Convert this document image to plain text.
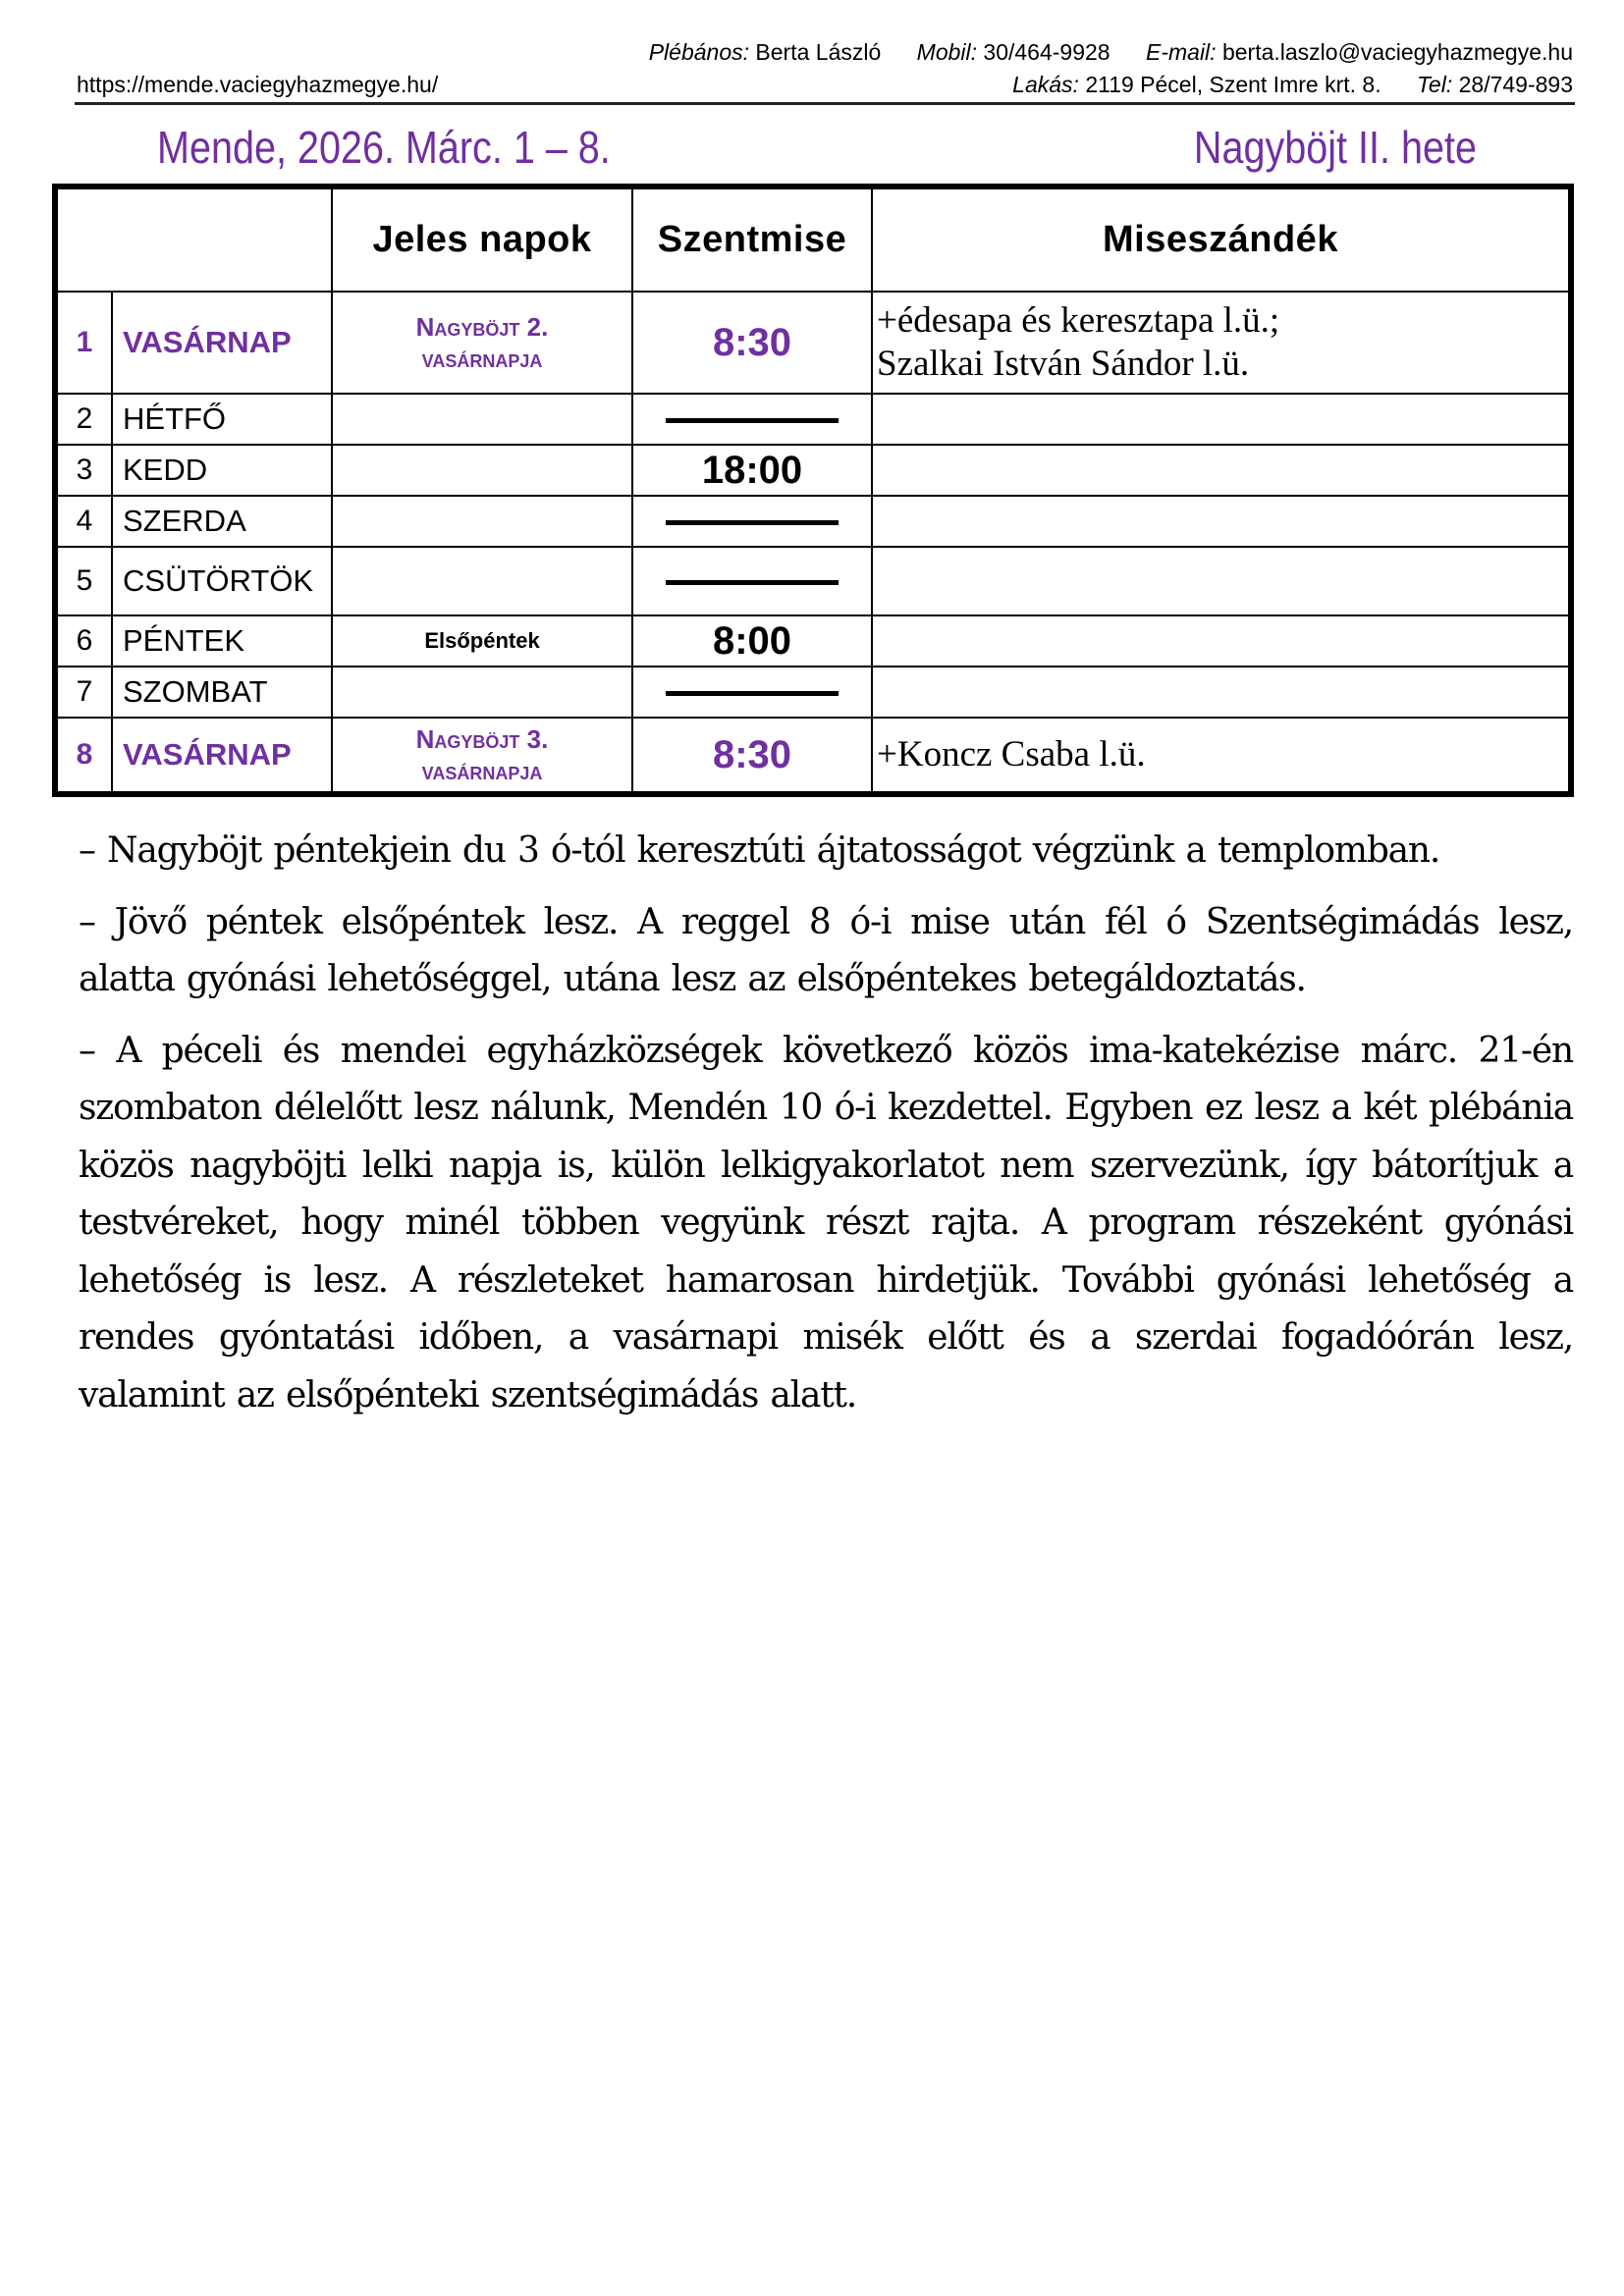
Plébános: Berta László Mobil: 30/464-9928 E-mail: berta.laszlo@vaciegyhazmegye.hu
https://mende.vaciegyhazmegye.hu/	Lakás: 2119 Pécel, Szent Imre krt. 8. Tel: 28/749-893
Mende, 2026. Márc. 1 – 8.	Nagyböjt II. hete
		Jeles napok	Szentmise	Miseszándék
1	VASÁRNAP	Nagyböjt 2.
vasárnapja	8:30	+édesapa és keresztapa l.ü.;
Szalkai István Sándor l.ü.

2	HÉTFŐ			
3	KEDD		18:00	
4	SZERDA			
5	CSÜTÖRTÖK			
6	PÉNTEK	Elsőpéntek	8:00	
7	SZOMBAT			
8	VASÁRNAP	Nagyböjt 3.
vasárnapja	8:30	+Koncz Csaba l.ü.

– Nagyböjt péntekjein du 3 ó-tól keresztúti ájtatosságot végzünk a templomban.

– Jövő péntek elsőpéntek lesz. A reggel 8 ó-i mise után fél ó Szentségimádás lesz, alatta gyónási lehetőséggel, utána lesz az elsőpéntekes betegáldoztatás.

– A péceli és mendei egyházközségek következő közös ima-katekézise márc. 21-én szombaton délelőtt lesz nálunk, Mendén 10 ó-i kezdettel. Egyben ez lesz a két plébánia közös nagyböjti lelki napja is, külön lelkigyakorlatot nem szervezünk, így bátorítjuk a testvéreket, hogy minél többen vegyünk részt rajta. A program részeként gyónási lehetőség is lesz. A részleteket hamarosan hirdetjük. További gyónási lehetőség a rendes gyóntatási időben, a vasárnapi misék előtt és a szerdai fogadóórán lesz, valamint az elsőpénteki szentségimádás alatt.
